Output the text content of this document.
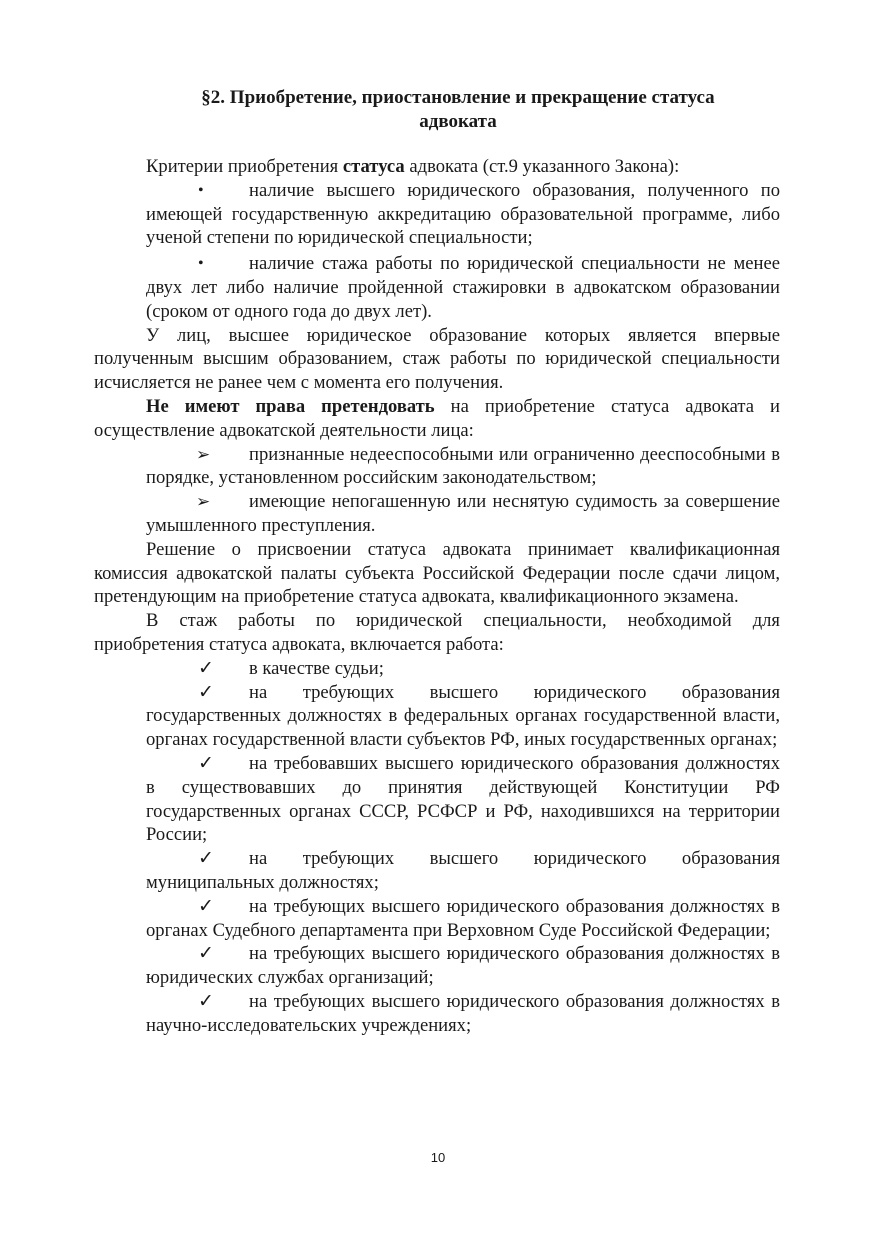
§2. Приобретение, приостановление и прекращение статуса
адвоката

Критерии приобретения статуса адвоката (ст.9 указанного Закона):

• наличие высшего юридического образования, полученного по имеющей государственную аккредитацию образовательной программе, либо ученой степени по юридической специальности;

• наличие стажа работы по юридической специальности не менее двух лет либо наличие пройденной стажировки в адвокатском образовании (сроком от одного года до двух лет).

У лиц, высшее юридическое образование которых является впервые полученным высшим образованием, стаж работы по юридической специальности исчисляется не ранее чем с момента его получения.

Не имеют права претендовать на приобретение статуса адвоката и осуществление адвокатской деятельности лица:

➢ признанные недееспособными или ограниченно дееспособными в порядке, установленном российским законодательством;

➢ имеющие непогашенную или неснятую судимость за совершение умышленного преступления.

Решение о присвоении статуса адвоката принимает квалификационная комиссия адвокатской палаты субъекта Российской Федерации после сдачи лицом, претендующим на приобретение статуса адвоката, квалификационного экзамена.

В стаж работы по юридической специальности, необходимой для приобретения статуса адвоката, включается работа:

✓ в качестве судьи;

✓ на требующих высшего юридического образования государственных должностях в федеральных органах государственной власти, органах государственной власти субъектов РФ, иных государственных органах;

✓ на требовавших высшего юридического образования должностях в существовавших до принятия действующей Конституции РФ государственных органах СССР, РСФСР и РФ, находившихся на территории России;

✓ на требующих высшего юридического образования муниципальных должностях;

✓ на требующих высшего юридического образования должностях в органах Судебного департамента при Верховном Суде Российской Федерации;

✓ на требующих высшего юридического образования должностях в юридических службах организаций;

✓ на требующих высшего юридического образования должностях в научно-исследовательских учреждениях;

10
